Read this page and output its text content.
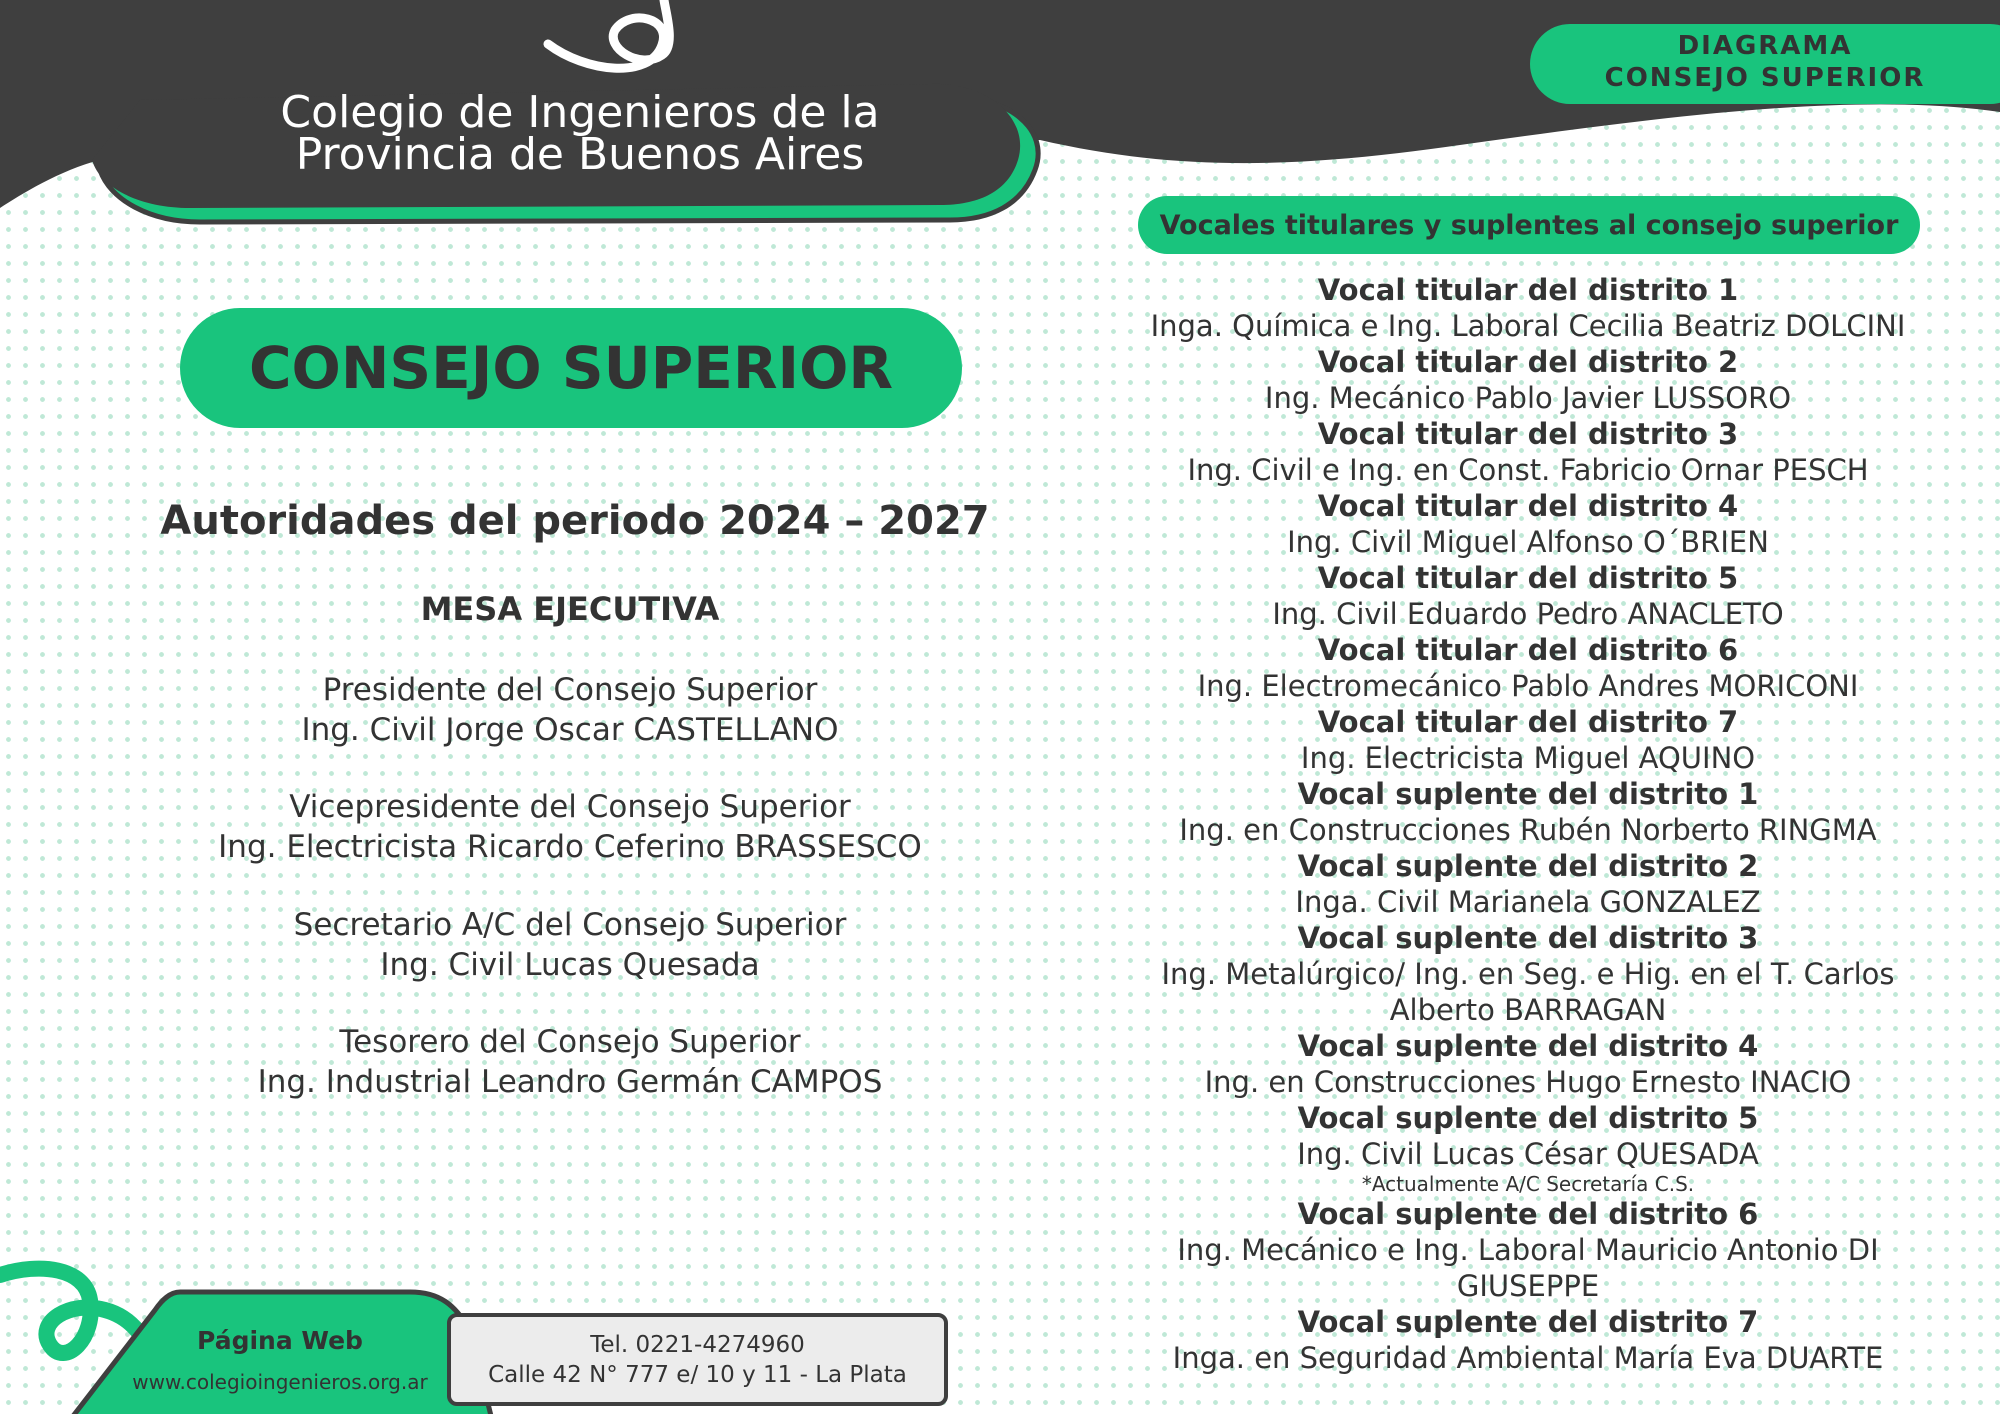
Colegio de Ingenieros de la
Provincia de Buenos Aires
DIAGRAMA
CONSEJO SUPERIOR
CONSEJO SUPERIOR
Autoridades del periodo 2024 – 2027
MESA EJECUTIVA
Presidente del Consejo Superior
Ing. Civil Jorge Oscar CASTELLANO
Vicepresidente del Consejo Superior
Ing. Electricista Ricardo Ceferino BRASSESCO
Secretario A/C del Consejo Superior
Ing. Civil Lucas Quesada
Tesorero del Consejo Superior
Ing. Industrial Leandro Germán CAMPOS
Vocales titulares y suplentes al consejo superior
Vocal titular del distrito 1
Inga. Química e Ing. Laboral Cecilia Beatriz DOLCINI
Vocal titular del distrito 2
Ing. Mecánico Pablo Javier LUSSORO
Vocal titular del distrito 3
Ing. Civil e Ing. en Const. Fabricio Ornar PESCH
Vocal titular del distrito 4
Ing. Civil Miguel Alfonso O´BRIEN
Vocal titular del distrito 5
Ing. Civil Eduardo Pedro ANACLETO
Vocal titular del distrito 6
Ing. Electromecánico Pablo Andres MORICONI
Vocal titular del distrito 7
Ing. Electricista Miguel AQUINO
Vocal suplente del distrito 1
Ing. en Construcciones Rubén Norberto RINGMA
Vocal suplente del distrito 2
Inga. Civil Marianela GONZALEZ
Vocal suplente del distrito 3
Ing. Metalúrgico/ Ing. en Seg. e Hig. en el T. Carlos Alberto BARRAGAN
Vocal suplente del distrito 4
Ing. en Construcciones Hugo Ernesto INACIO
Vocal suplente del distrito 5
Ing. Civil Lucas César QUESADA
*Actualmente A/C Secretaría C.S.
Vocal suplente del distrito 6
Ing. Mecánico e Ing. Laboral Mauricio Antonio DI GIUSEPPE
Vocal suplente del distrito 7
Inga. en Seguridad Ambiental María Eva DUARTE
Página Web
www.colegioingenieros.org.ar
Tel. 0221-4274960
Calle 42 N° 777 e/ 10 y 11 - La Plata
